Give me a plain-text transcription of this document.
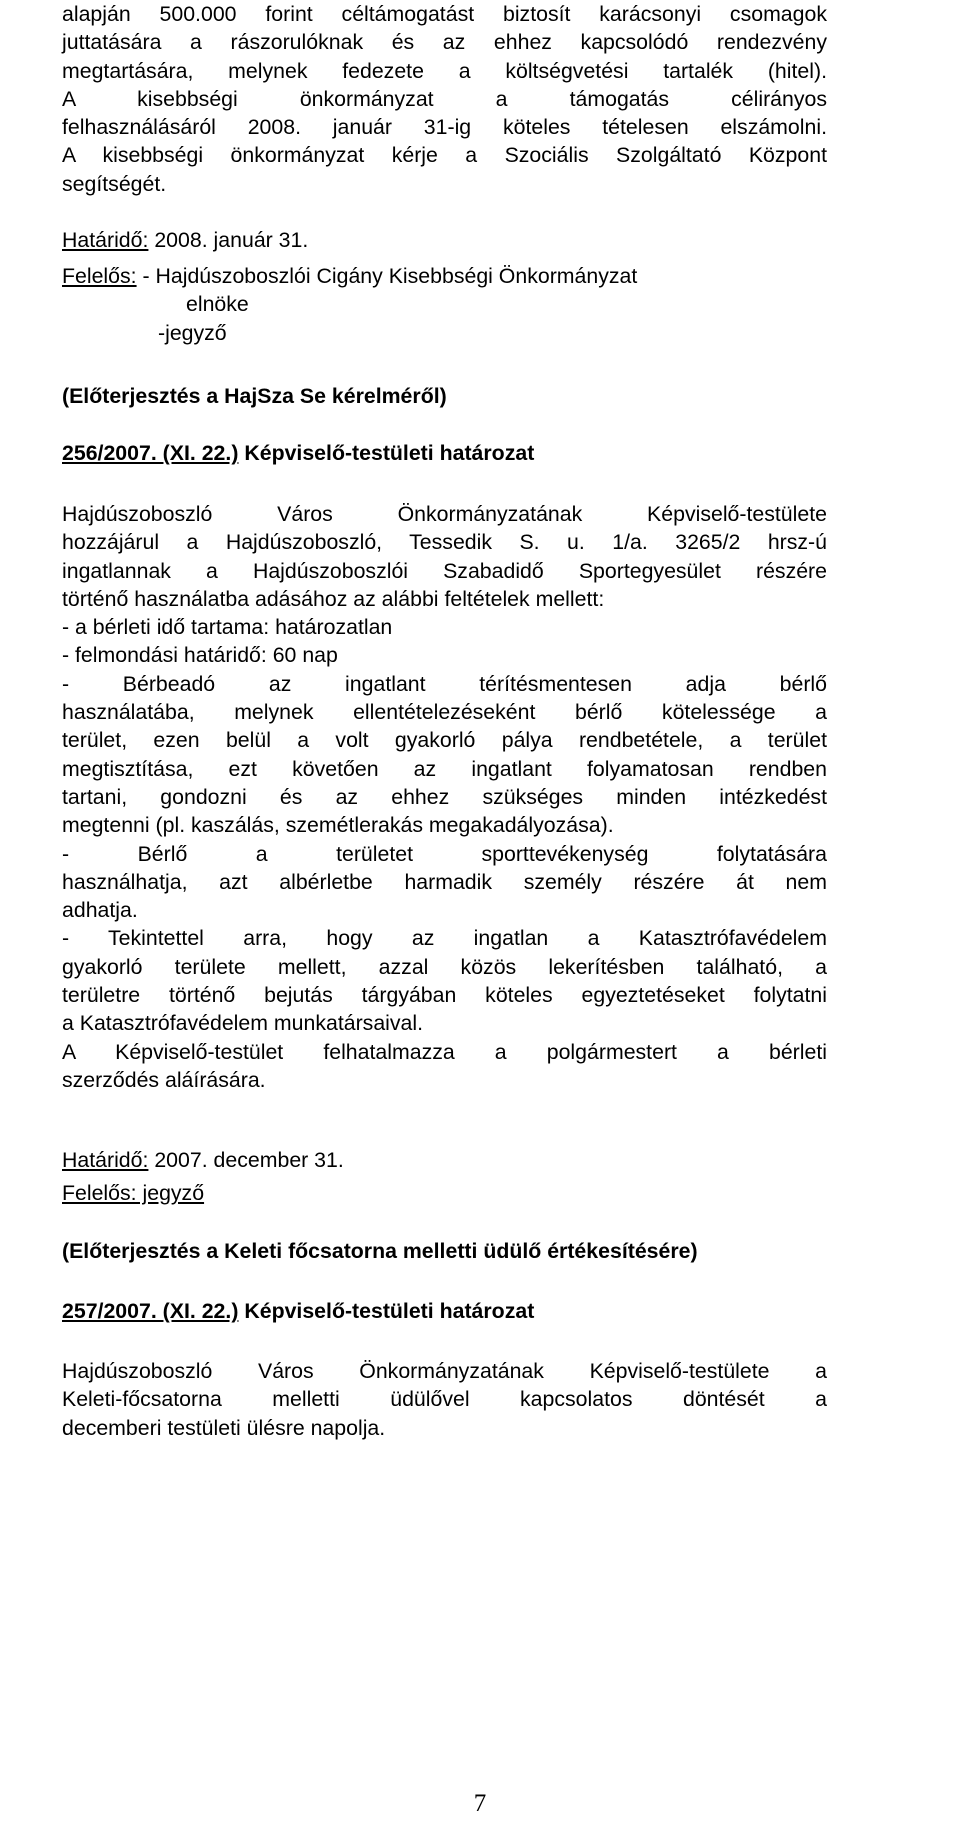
alapján 500.000 forint céltámogatást biztosít karácsonyi csomagok

juttatására a rászorulóknak és az ehhez kapcsolódó rendezvény

megtartására, melynek fedezete a költségvetési tartalék (hitel).

A kisebbségi önkormányzat a támogatás célirányos

felhasználásáról 2008. január 31-ig köteles tételesen elszámolni.

A kisebbségi önkormányzat kérje a Szociális Szolgáltató Központ

segítségét.

Határidő: 2008. január 31.

Felelős: - Hajdúszoboszlói Cigány Kisebbségi Önkormányzat

elnöke

-jegyző

(Előterjesztés a HajSza Se kérelméről)

256/2007. (XI. 22.) Képviselő-testületi határozat

Hajdúszoboszló Város Önkormányzatának Képviselő-testülete

hozzájárul a Hajdúszoboszló, Tessedik S. u. 1/a. 3265/2 hrsz-ú

ingatlannak a Hajdúszoboszlói Szabadidő Sportegyesület részére

történő használatba adásához az alábbi feltételek mellett:

- a bérleti idő tartama: határozatlan

- felmondási határidő: 60 nap

- Bérbeadó az ingatlant térítésmentesen adja bérlő

használatába, melynek ellentételezéseként bérlő kötelessége a

terület, ezen belül a volt gyakorló pálya rendbetétele, a terület

megtisztítása, ezt követően az ingatlant folyamatosan rendben

tartani, gondozni és az ehhez szükséges minden intézkedést

megtenni (pl. kaszálás, szemétlerakás megakadályozása).

- Bérlő a területet sporttevékenység folytatására

használhatja, azt albérletbe harmadik személy részére át nem

adhatja.

- Tekintettel arra, hogy az ingatlan a Katasztrófavédelem

gyakorló területe mellett, azzal közös lekerítésben található, a

területre történő bejutás tárgyában köteles egyeztetéseket folytatni

a Katasztrófavédelem munkatársaival.

A Képviselő-testület felhatalmazza a polgármestert a bérleti

szerződés aláírására.

Határidő: 2007. december 31.

Felelős: jegyző

(Előterjesztés a Keleti főcsatorna melletti üdülő értékesítésére)

257/2007. (XI. 22.) Képviselő-testületi határozat

Hajdúszoboszló Város Önkormányzatának Képviselő-testülete a

Keleti-főcsatorna melletti üdülővel kapcsolatos döntését a

decemberi testületi ülésre napolja.

7
